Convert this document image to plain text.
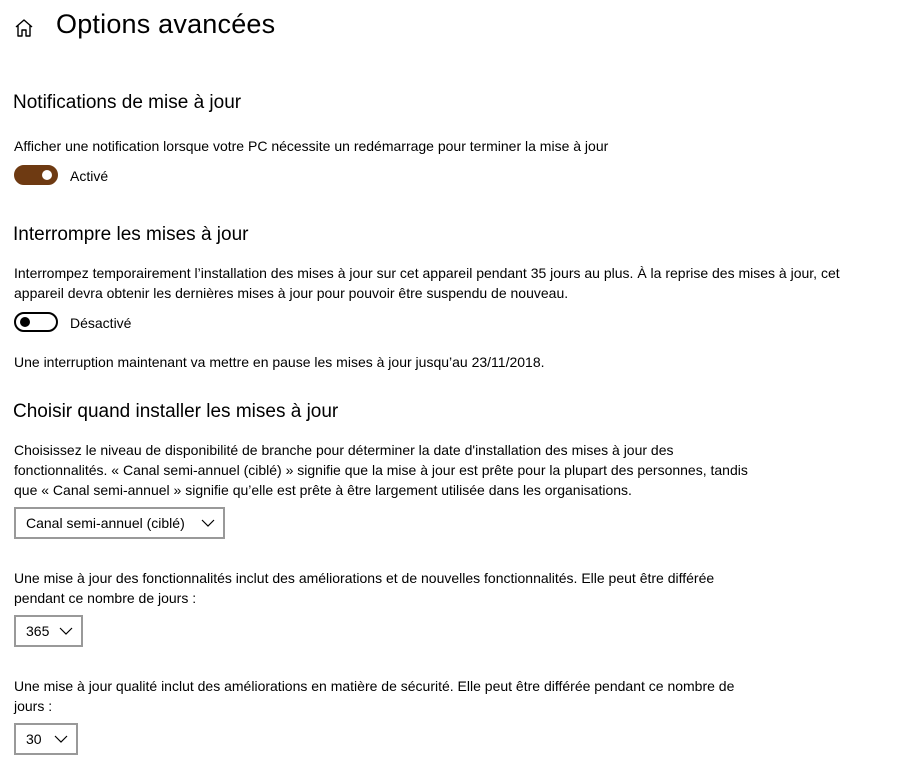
Options avancées
Notifications de mise à jour

Afficher une notification lorsque votre PC nécessite un redémarrage pour terminer la mise à jour

Activé
Interrompre les mises à jour

Interrompez temporairement l’installation des mises à jour sur cet appareil pendant 35 jours au plus. À la reprise des mises à jour, cet

appareil devra obtenir les dernières mises à jour pour pouvoir être suspendu de nouveau.

Désactivé

Une interruption maintenant va mettre en pause les mises à jour jusqu’au 23/11/2018.

Choisir quand installer les mises à jour

Choisissez le niveau de disponibilité de branche pour déterminer la date d'installation des mises à jour des

fonctionnalités. « Canal semi-annuel (ciblé) » signifie que la mise à jour est prête pour la plupart des personnes, tandis

que « Canal semi-annuel » signifie qu’elle est prête à être largement utilisée dans les organisations.

Canal semi-annuel (ciblé)

Une mise à jour des fonctionnalités inclut des améliorations et de nouvelles fonctionnalités. Elle peut être différée

pendant ce nombre de jours :

365

Une mise à jour qualité inclut des améliorations en matière de sécurité. Elle peut être différée pendant ce nombre de

jours :

30
